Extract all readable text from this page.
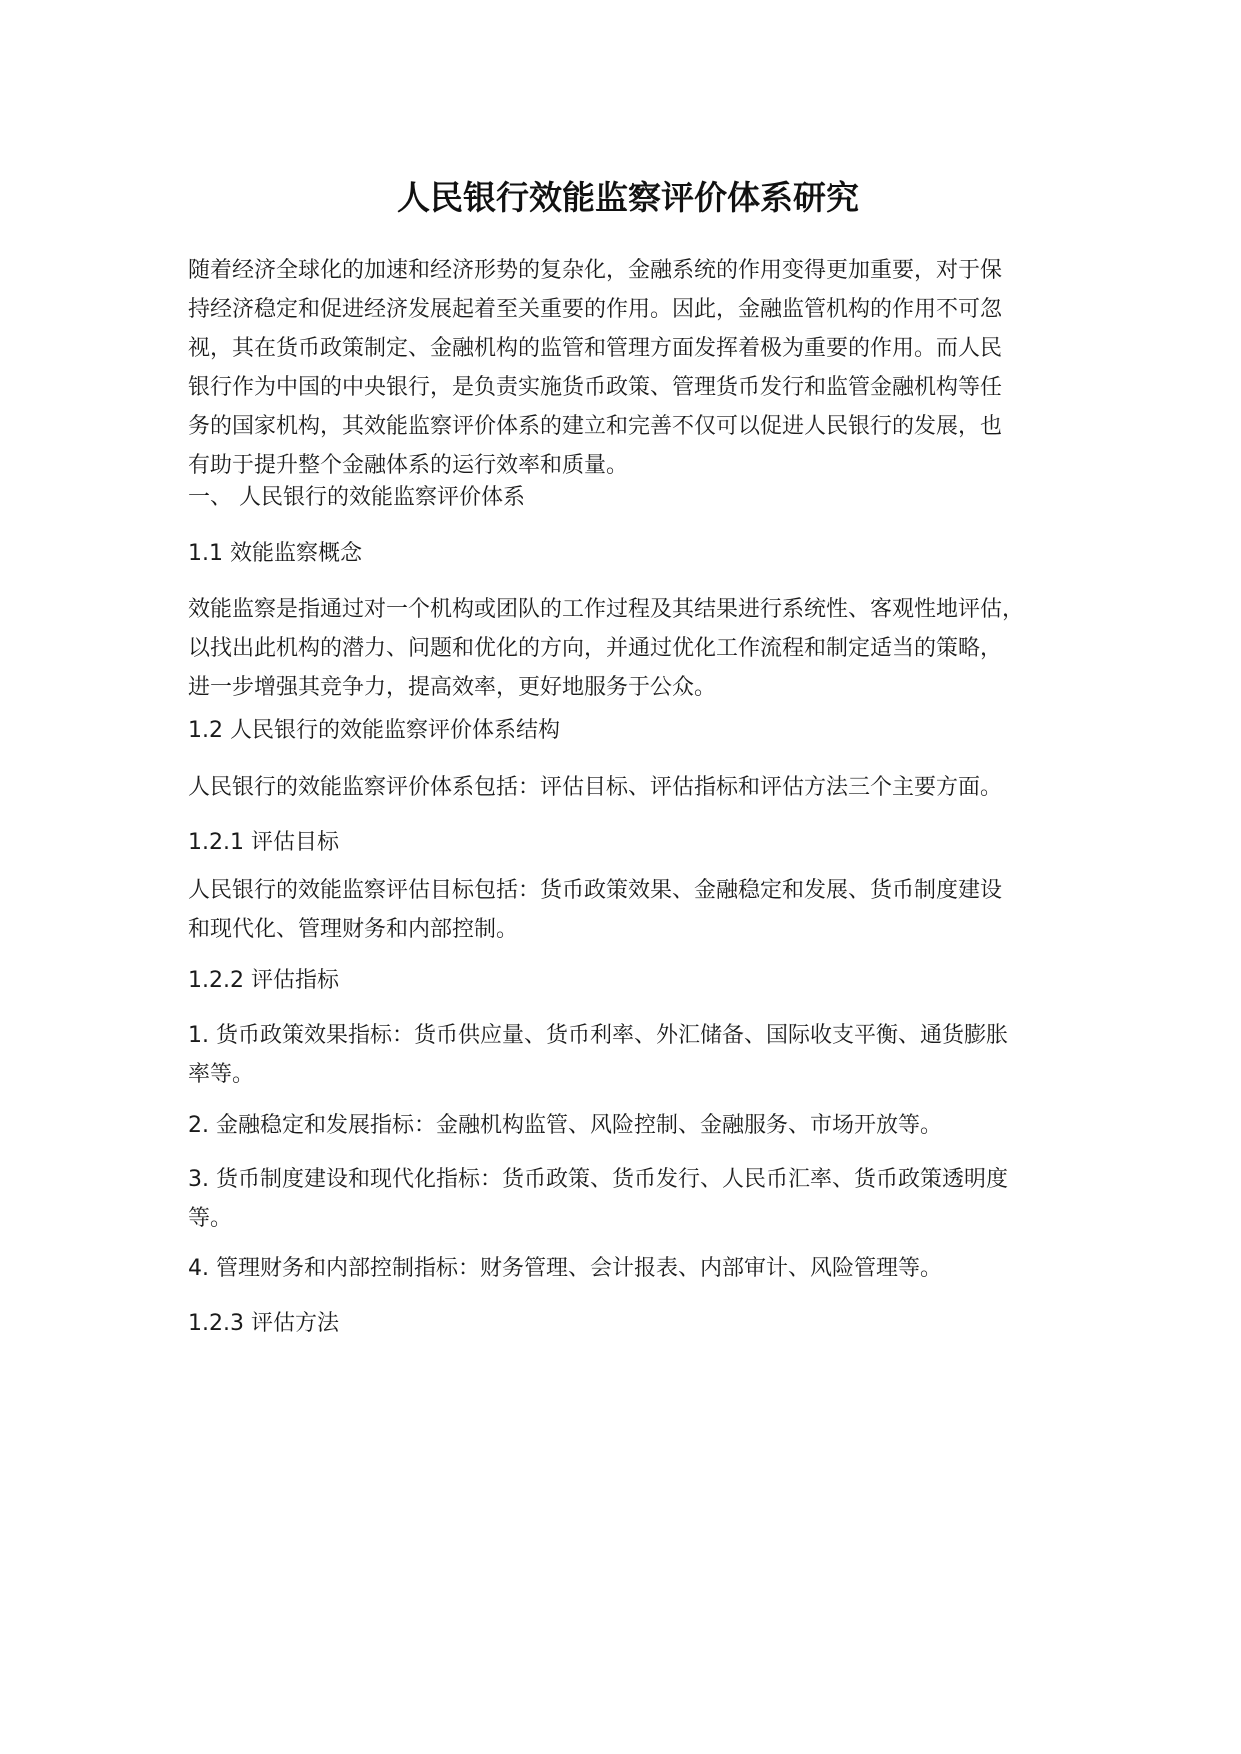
人民银行效能监察评价体系研究
随着经济全球化的加速和经济形势的复杂化，金融系统的作用变得更加重要，对于保
持经济稳定和促进经济发展起着至关重要的作用。因此，金融监管机构的作用不可忽
视，其在货币政策制定、金融机构的监管和管理方面发挥着极为重要的作用。而人民
银行作为中国的中央银行，是负责实施货币政策、管理货币发行和监管金融机构等任
务的国家机构，其效能监察评价体系的建立和完善不仅可以促进人民银行的发展，也
有助于提升整个金融体系的运行效率和质量。
一、 人民银行的效能监察评价体系
1.1 效能监察概念
效能监察是指通过对一个机构或团队的工作过程及其结果进行系统性、客观性地评估，
以找出此机构的潜力、问题和优化的方向，并通过优化工作流程和制定适当的策略，
进一步增强其竞争力，提高效率，更好地服务于公众。
1.2 人民银行的效能监察评价体系结构
人民银行的效能监察评价体系包括：评估目标、评估指标和评估方法三个主要方面。
1.2.1 评估目标
人民银行的效能监察评估目标包括：货币政策效果、金融稳定和发展、货币制度建设
和现代化、管理财务和内部控制。
1.2.2 评估指标
1. 货币政策效果指标：货币供应量、货币利率、外汇储备、国际收支平衡、通货膨胀
率等。
2. 金融稳定和发展指标：金融机构监管、风险控制、金融服务、市场开放等。
3. 货币制度建设和现代化指标：货币政策、货币发行、人民币汇率、货币政策透明度
等。
4. 管理财务和内部控制指标：财务管理、会计报表、内部审计、风险管理等。
1.2.3 评估方法
